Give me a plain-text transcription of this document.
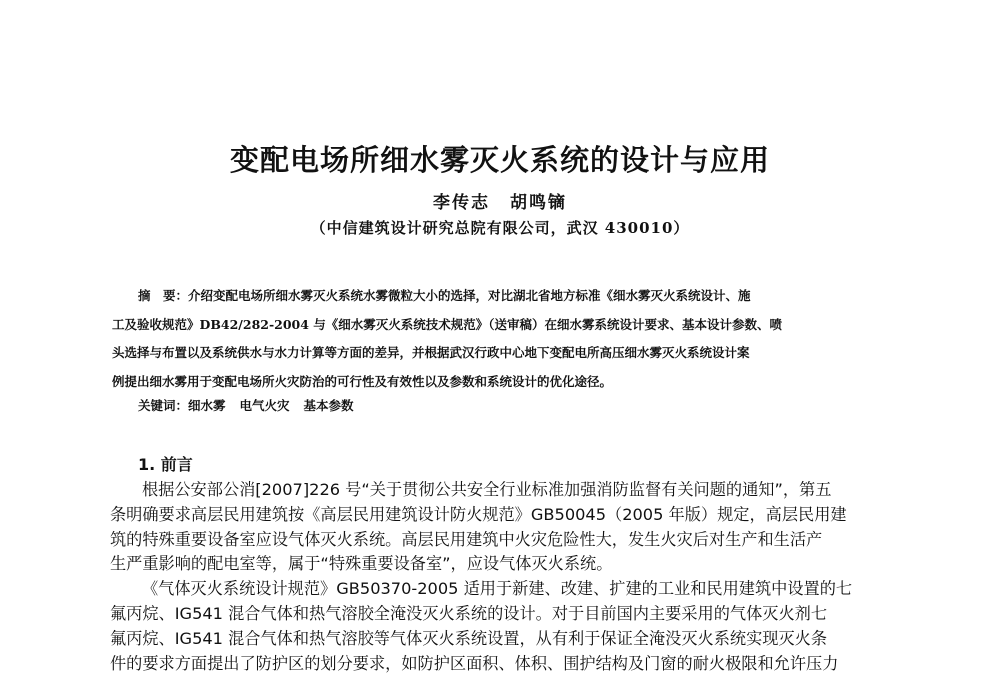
变配电场所细水雾灭火系统的设计与应用
李传志 胡鸣镝
（中信建筑设计研究总院有限公司，武汉 430010）
摘　要：介绍变配电场所细水雾灭火系统水雾微粒大小的选择，对比湖北省地方标准《细水雾灭火系统设计、施
工及验收规范》DB42/282-2004 与《细水雾灭火系统技术规范》（送审稿）在细水雾系统设计要求、基本设计参数、喷
头选择与布置以及系统供水与水力计算等方面的差异，并根据武汉行政中心地下变配电所高压细水雾灭火系统设计案
例提出细水雾用于变配电场所火灾防治的可行性及有效性以及参数和系统设计的优化途径。
关键词：细水雾 电气火灾 基本参数
1. 前言
根据公安部公消[2007]226 号“关于贯彻公共安全行业标准加强消防监督有关问题的通知”，第五
条明确要求高层民用建筑按《高层民用建筑设计防火规范》GB50045（2005 年版）规定，高层民用建
筑的特殊重要设备室应设气体灭火系统。高层民用建筑中火灾危险性大，发生火灾后对生产和生活产
生严重影响的配电室等，属于“特殊重要设备室”，应设气体灭火系统。
《气体灭火系统设计规范》GB50370-2005 适用于新建、改建、扩建的工业和民用建筑中设置的七
氟丙烷、IG541 混合气体和热气溶胶全淹没灭火系统的设计。对于目前国内主要采用的气体灭火剂七
氟丙烷、IG541 混合气体和热气溶胶等气体灭火系统设置，从有利于保证全淹没灭火系统实现灭火条
件的要求方面提出了防护区的划分要求，如防护区面积、体积、围护结构及门窗的耐火极限和允许压力
